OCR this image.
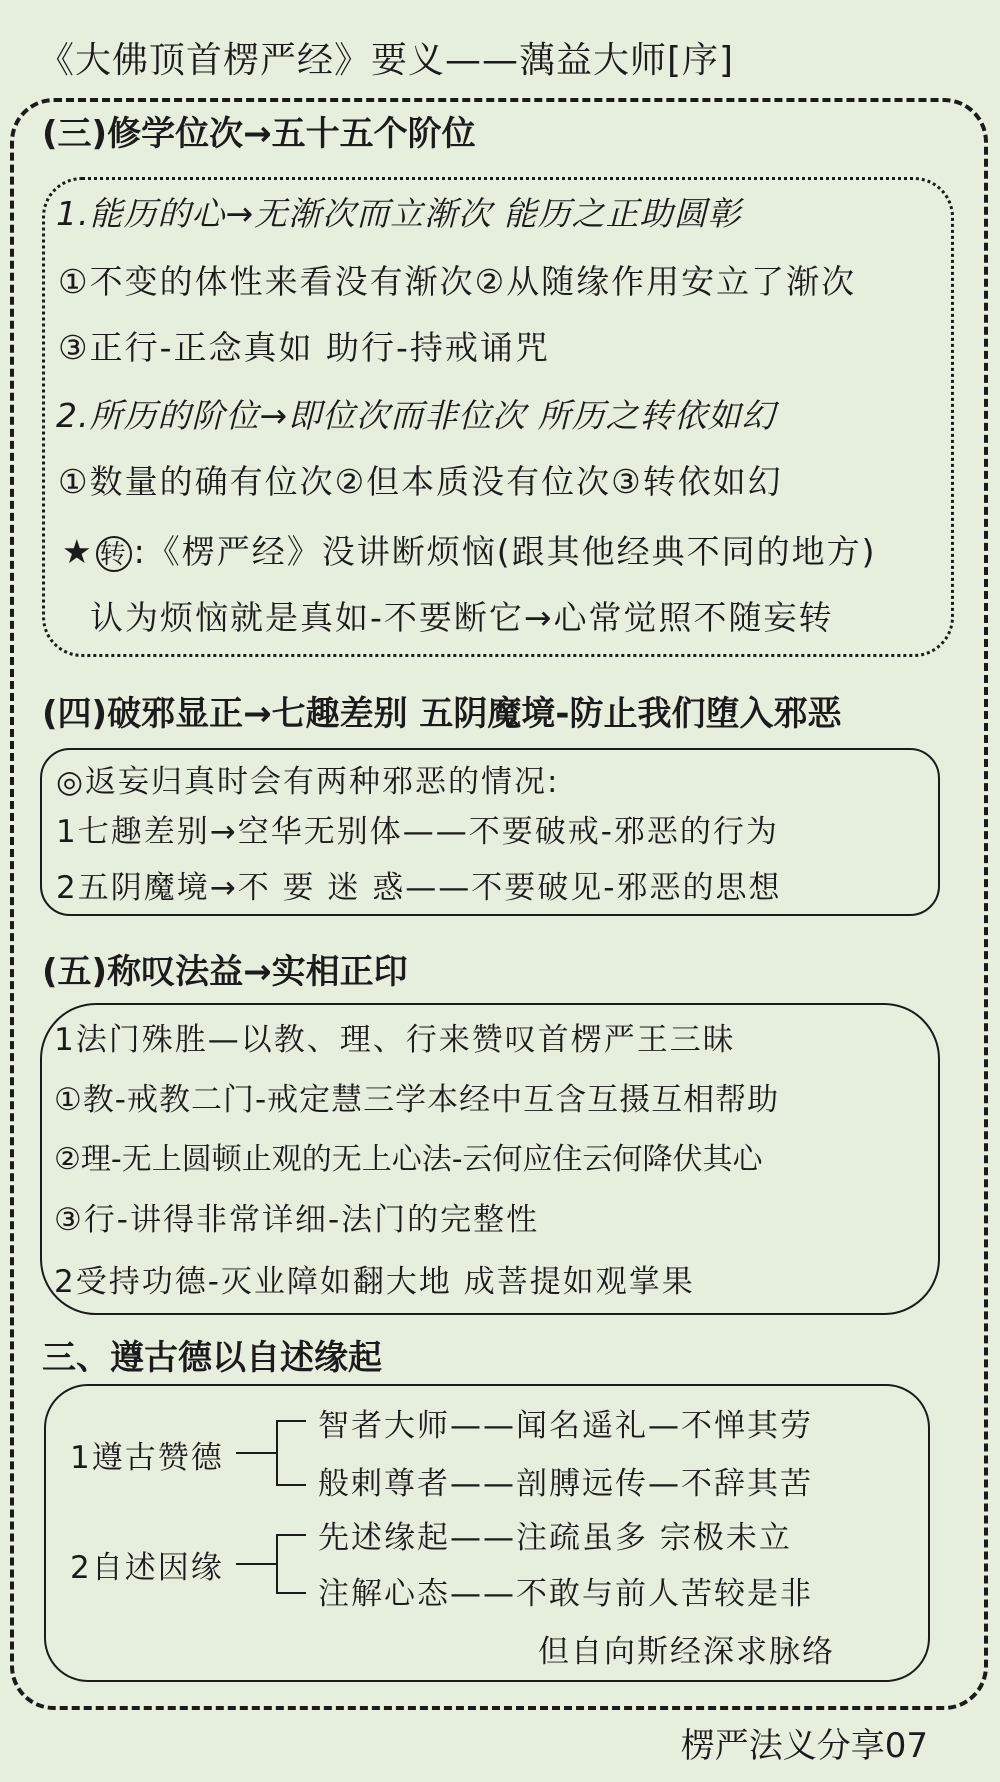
《大佛顶首楞严经》要义——蕅益大师[序]
(三)修学位次→五十五个阶位
1.能历的心→无渐次而立渐次 能历之正助圆彰
①不变的体性来看没有渐次②从随缘作用安立了渐次
③正行-正念真如 助行-持戒诵咒
2.所历的阶位→即位次而非位次 所历之转依如幻
①数量的确有位次②但本质没有位次③转依如幻
★ 转 :《楞严经》没讲断烦恼(跟其他经典不同的地方)
认为烦恼就是真如-不要断它→心常觉照不随妄转
(四)破邪显正→七趣差别 五阴魔境-防止我们堕入邪恶
◎返妄归真时会有两种邪恶的情况:
1七趣差别→空华无别体——不要破戒-邪恶的行为
2五阴魔境→不 要 迷 惑——不要破见-邪恶的思想
(五)称叹法益→实相正印
1法门殊胜—以教、理、行来赞叹首楞严王三昧
①教-戒教二门-戒定慧三学本经中互含互摄互相帮助
②理-无上圆顿止观的无上心法-云何应住云何降伏其心
③行-讲得非常详细-法门的完整性
2受持功德-灭业障如翻大地 成菩提如观掌果
三、遵古德以自述缘起
1遵古赞德
智者大师——闻名遥礼—不惮其劳
般剌尊者——剖膊远传—不辞其苦
2自述因缘
先述缘起——注疏虽多 宗极未立
注解心态——不敢与前人苦较是非
但自向斯经深求脉络
楞严法义分享07
